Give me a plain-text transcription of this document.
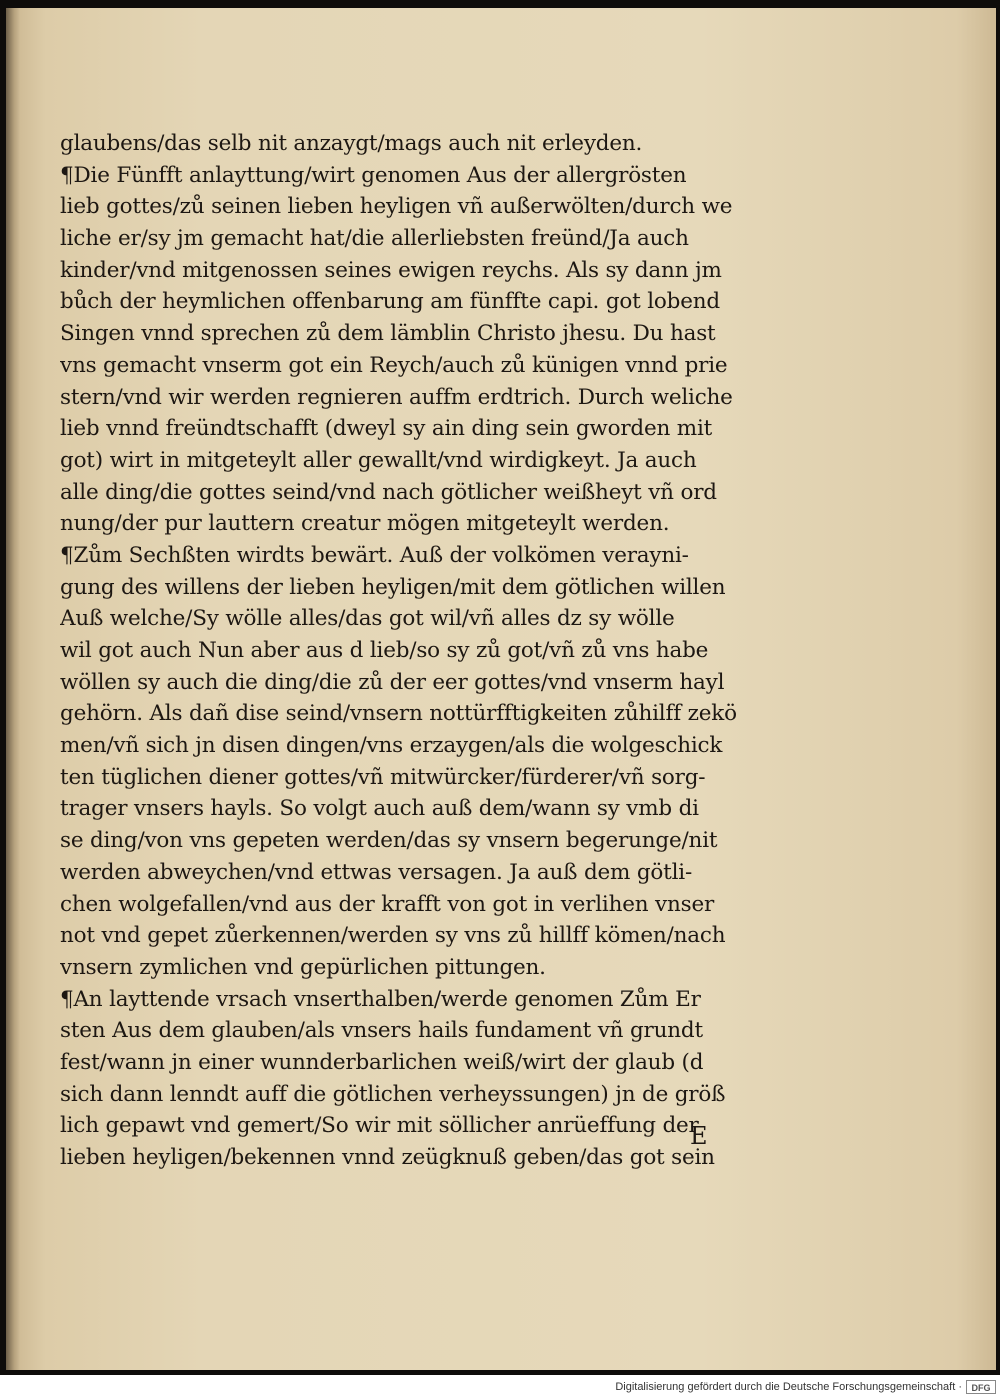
glaubens/das selb nit anzaygt/mags auch nit erleyden.
¶Die Fünfft anlayttung/wirt genomen Aus der allergrösten
lieb gottes/zů seinen lieben heyligen vñ außerwölten/durch we
liche er/sy jm gemacht hat/die allerliebsten freünd/Ja auch
kinder/vnd mitgenossen seines ewigen reychs. Als sy dann jm
bůch der heymlichen offenbarung am fünffte capi. got lobend
Singen vnnd sprechen zů dem lämblin Christo jhesu. Du hast
vns gemacht vnserm got ein Reych/auch zů künigen vnnd prie
stern/vnd wir werden regnieren auffm erdtrich. Durch weliche
lieb vnnd freündtschafft (dweyl sy ain ding sein gworden mit
got) wirt in mitgeteylt aller gewallt/vnd wirdigkeyt. Ja auch
alle ding/die gottes seind/vnd nach götlicher weißheyt vñ ord
nung/der pur lauttern creatur mögen mitgeteylt werden.
¶Zům Sechßten wirdts bewärt. Auß der volkömen verayni-
gung des willens der lieben heyligen/mit dem götlichen willen
Auß welche/Sy wölle alles/das got wil/vñ alles dz sy wölle
wil got auch Nun aber aus d lieb/so sy zů got/vñ zů vns habe
wöllen sy auch die ding/die zů der eer gottes/vnd vnserm hayl
gehörn. Als dañ dise seind/vnsern nottürfftigkeiten zůhilff zekö
men/vñ sich jn disen dingen/vns erzaygen/als die wolgeschick
ten tüglichen diener gottes/vñ mitwürcker/fürderer/vñ sorg-
trager vnsers hayls. So volgt auch auß dem/wann sy vmb di
se ding/von vns gepeten werden/das sy vnsern begerunge/nit
werden abweychen/vnd ettwas versagen. Ja auß dem götli-
chen wolgefallen/vnd aus der krafft von got in verlihen vnser
not vnd gepet zůerkennen/werden sy vns zů hillff kömen/nach
vnsern zymlichen vnd gepürlichen pittungen.
¶An layttende vrsach vnserthalben/werde genomen Zům Er
sten Aus dem glauben/als vnsers hails fundament vñ grundt
fest/wann jn einer wunnderbarlichen weiß/wirt der glaub (d
sich dann lenndt auff die götlichen verheyssungen) jn de größ
lich gepawt vnd gemert/So wir mit söllicher anrüeffung der
lieben heyligen/bekennen vnnd zeügknuß geben/das got sein
E
Digitalisierung gefördert durch die Deutsche Forschungsgemeinschaft ·	DFG
